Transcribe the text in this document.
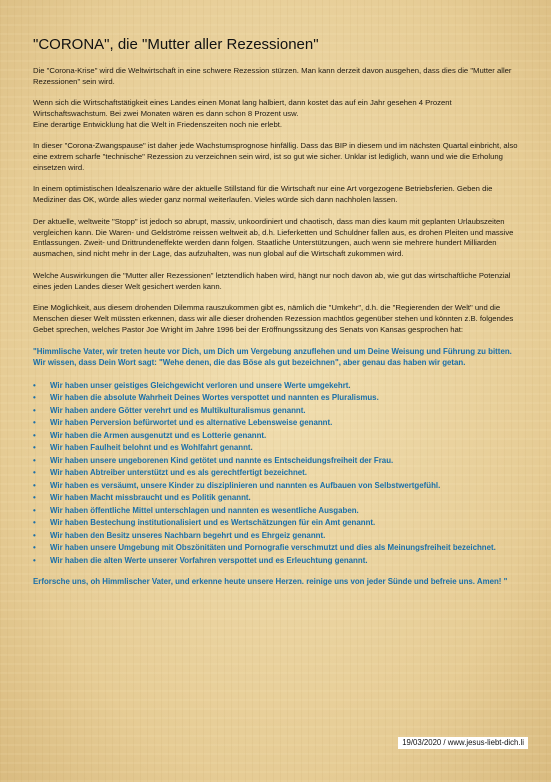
"CORONA", die "Mutter aller Rezessionen"

Die "Corona-Krise" wird die Weltwirtschaft in eine schwere Rezession stürzen. Man kann derzeit davon ausgehen, dass dies die "Mutter aller Rezessionen" sein wird.

Wenn sich die Wirtschaftstätigkeit eines Landes einen Monat lang halbiert, dann kostet das auf ein Jahr gesehen 4 Prozent Wirtschaftswachstum. Bei zwei Monaten wären es dann schon 8 Prozent usw.
Eine derartige Entwicklung hat die Welt in Friedenszeiten noch nie erlebt.

In dieser "Corona-Zwangspause" ist daher jede Wachstumsprognose hinfällig. Dass das BIP in diesem und im nächsten Quartal einbricht, also eine extrem scharfe "technische" Rezession zu verzeichnen sein wird, ist so gut wie sicher. Unklar ist lediglich, wann und wie die Erholung einsetzen wird.

In einem optimistischen Idealszenario wäre der aktuelle Stillstand für die Wirtschaft nur eine Art vorgezogene Betriebsferien. Geben die Mediziner das OK, würde alles wieder ganz normal weiterlaufen. Vieles würde sich dann nachholen lassen.

Der aktuelle, weltweite "Stopp" ist jedoch so abrupt, massiv, unkoordiniert und chaotisch, dass man dies kaum mit geplanten Urlaubszeiten vergleichen kann. Die Waren- und Geldströme reissen weltweit ab, d.h. Lieferketten und Schuldner fallen aus, es drohen Pleiten und massive Entlassungen. Zweit- und Drittrundeneffekte werden dann folgen. Staatliche Unterstützungen, auch wenn sie mehrere hundert Milliarden ausmachen, sind nicht mehr in der Lage, das aufzuhalten, was nun global auf die Wirtschaft zukommen wird.

Welche Auswirkungen die "Mutter aller Rezessionen" letztendlich haben wird, hängt nur noch davon ab, wie gut das wirtschaftliche Potenzial eines jeden Landes dieser Welt gesichert werden kann.

Eine Möglichkeit, aus diesem drohenden Dilemma rauszukommen gibt es, nämlich die "Umkehr", d.h. die "Regierenden der Welt" und die Menschen dieser Welt müssten erkennen, dass wir alle dieser drohenden Rezession machtlos gegenüber stehen und könnten z.B. folgendes Gebet sprechen, welches Pastor Joe Wright im Jahre 1996 bei der Eröffnungssitzung des Senats von Kansas gesprochen hat:

"Himmlische Vater, wir treten heute vor Dich, um Dich um Vergebung anzuflehen und um Deine Weisung und Führung zu bitten. Wir wissen, dass Dein Wort sagt: "Wehe denen, die das Böse als gut bezeichnen", aber genau das haben wir getan.
• Wir haben unser geistiges Gleichgewicht verloren und unsere Werte umgekehrt.
• Wir haben die absolute Wahrheit Deines Wortes verspottet und nannten es Pluralismus.
• Wir haben andere Götter verehrt und es Multikulturalismus genannt.
• Wir haben Perversion befürwortet und es alternative Lebensweise genannt.
• Wir haben die Armen ausgenutzt und es Lotterie genannt.
• Wir haben Faulheit belohnt und es Wohlfahrt genannt.
• Wir haben unsere ungeborenen Kind getötet und nannte es Entscheidungsfreiheit der Frau.
• Wir haben Abtreiber unterstützt und es als gerechtfertigt bezeichnet.
• Wir haben es versäumt, unsere Kinder zu disziplinieren und nannten es Aufbauen von Selbstwertgefühl.
• Wir haben Macht missbraucht und es Politik genannt.
• Wir haben öffentliche Mittel unterschlagen und nannten es wesentliche Ausgaben.
• Wir haben Bestechung institutionalisiert und es Wertschätzungen für ein Amt genannt.
• Wir haben den Besitz unseres Nachbarn begehrt und es Ehrgeiz genannt.
• Wir haben unsere Umgebung mit Obszönitäten und Pornografie verschmutzt und dies als Meinungsfreiheit bezeichnet.
• Wir haben die alten Werte unserer Vorfahren verspottet und es Erleuchtung genannt.
Erforsche uns, oh Himmlischer Vater, und erkenne heute unsere Herzen. reinige uns von jeder Sünde und befreie uns. Amen! "
19/03/2020 / www.jesus-liebt-dich.li
